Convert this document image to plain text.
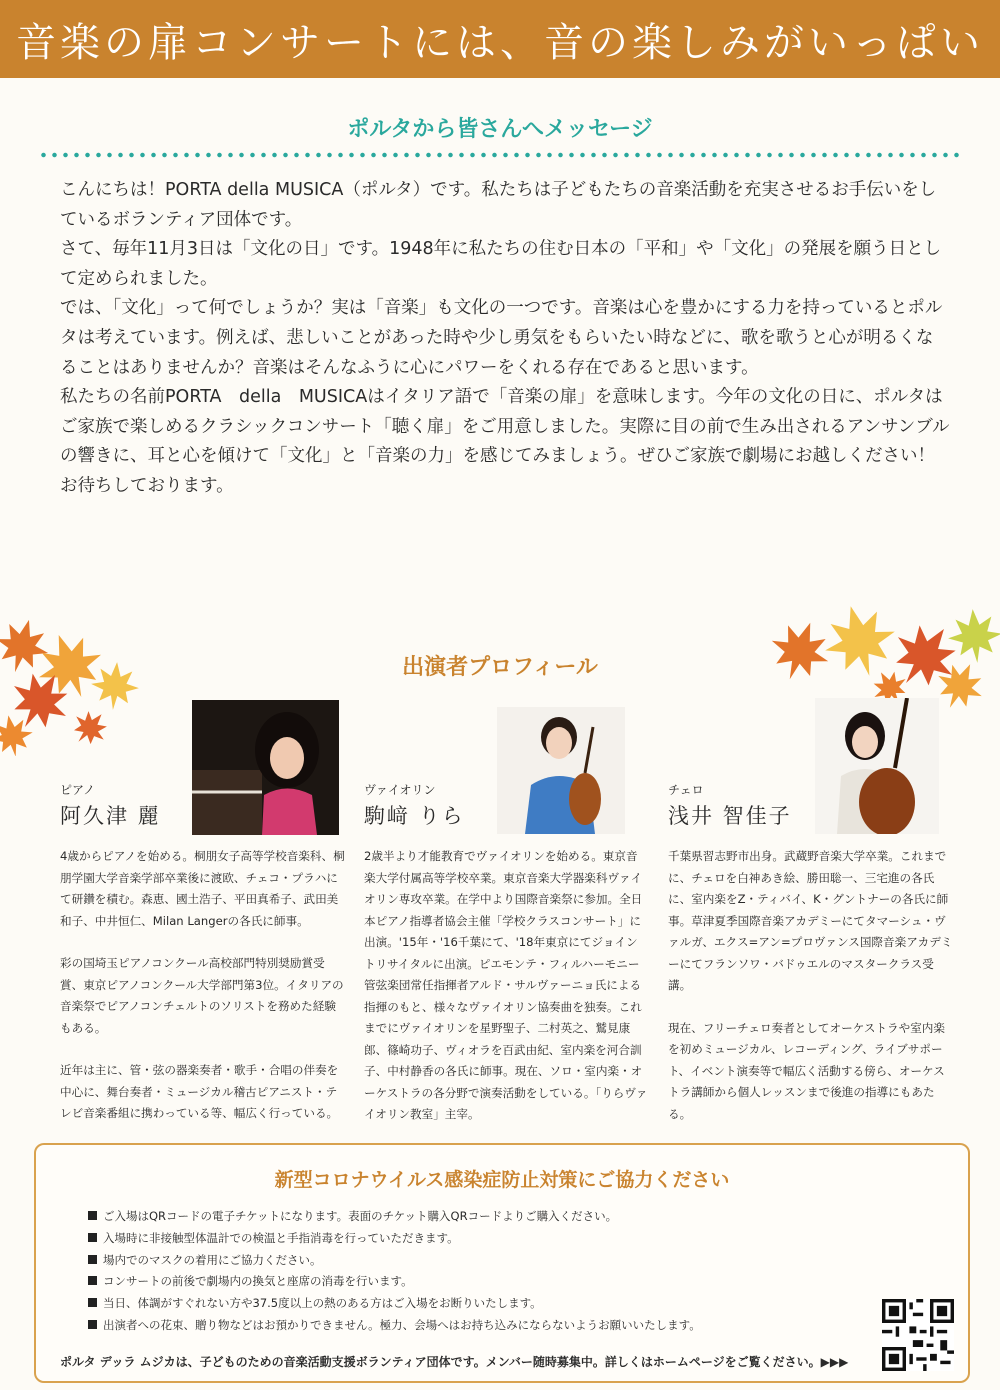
音楽の扉コンサートには、音の楽しみがいっぱい
ポルタから皆さんへメッセージ

こんにちは！PORTA della MUSICA（ポルタ）です。私たちは子どもたちの音楽活動を充実させるお手伝いをしているボランティア団体です。

さて、毎年11月3日は「文化の日」です。1948年に私たちの住む日本の「平和」や「文化」の発展を願う日として定められました。

では、「文化」って何でしょうか？実は「音楽」も文化の一つです。音楽は心を豊かにする力を持っているとポルタは考えています。例えば、悲しいことがあった時や少し勇気をもらいたい時などに、歌を歌うと心が明るくなることはありませんか？音楽はそんなふうに心にパワーをくれる存在であると思います。

私たちの名前PORTA　della　MUSICAはイタリア語で「音楽の扉」を意味します。今年の文化の日に、ポルタはご家族で楽しめるクラシックコンサート「聴く扉」をご用意しました。実際に目の前で生み出されるアンサンブルの響きに、耳と心を傾けて「文化」と「音楽の力」を感じてみましょう。ぜひご家族で劇場にお越しください！

お待ちしております。

出演者プロフィール
ピアノ
阿久津 麗

4歳からピアノを始める。桐朋女子高等学校音楽科、桐朋学園大学音楽学部卒業後に渡欧、チェコ・プラハにて研鑽を積む。森恵、國土浩子、平田真希子、武田美和子、中井恒仁、Milan Langerの各氏に師事。

彩の国埼玉ピアノコンクール高校部門特別奨励賞受賞、東京ピアノコンクール大学部門第3位。イタリアの音楽祭でピアノコンチェルトのソリストを務めた経験もある。

近年は主に、管・弦の器楽奏者・歌手・合唱の伴奏を中心に、舞台奏者・ミュージカル稽古ピアニスト・テレビ音楽番組に携わっている等、幅広く行っている。

ヴァイオリン
駒﨑 りら

2歳半より才能教育でヴァイオリンを始める。東京音楽大学付属高等学校卒業。東京音楽大学器楽科ヴァイオリン専攻卒業。在学中より国際音楽祭に参加。全日本ピアノ指導者協会主催「学校クラスコンサート」に出演。'15年・'16千葉にて、'18年東京にてジョイントリサイタルに出演。ピエモンテ・フィルハーモニー管弦楽団常任指揮者アルド・サルヴァーニョ氏による指揮のもと、様々なヴァイオリン協奏曲を独奏。これまでにヴァイオリンを星野聖子、二村英之、鷲見康郎、篠崎功子、ヴィオラを百武由紀、室内楽を河合訓子、中村静香の各氏に師事。現在、ソロ・室内楽・オーケストラの各分野で演奏活動をしている。「りらヴァイオリン教室」主宰。

チェロ
浅井 智佳子

千葉県習志野市出身。武蔵野音楽大学卒業。これまでに、チェロを白神あき絵、勝田聡一、三宅進の各氏に、室内楽をZ・ティバイ、K・グントナーの各氏に師事。草津夏季国際音楽アカデミーにてタマーシュ・ヴァルガ、エクス=アン=プロヴァンス国際音楽アカデミーにてフランソワ・バドゥエルのマスタークラス受講。

現在、フリーチェロ奏者としてオーケストラや室内楽を初めミュージカル、レコーディング、ライブサポート、イベント演奏等で幅広く活動する傍ら、オーケストラ講師から個人レッスンまで後進の指導にもあたる。

新型コロナウイルス感染症防止対策にご協力ください
ご入場はQRコードの電子チケットになります。表面のチケット購入QRコードよりご購入ください。
入場時に非接触型体温計での検温と手指消毒を行っていただきます。
場内でのマスクの着用にご協力ください。
コンサートの前後で劇場内の換気と座席の消毒を行います。
当日、体調がすぐれない方や37.5度以上の熱のある方はご入場をお断りいたします。
出演者への花束、贈り物などはお預かりできません。極力、会場へはお持ち込みにならないようお願いいたします。
ポルタ デッラ ムジカは、子どものための音楽活動支援ボランティア団体です。メンバー随時募集中。詳しくはホームページをご覧ください。▶▶▶
